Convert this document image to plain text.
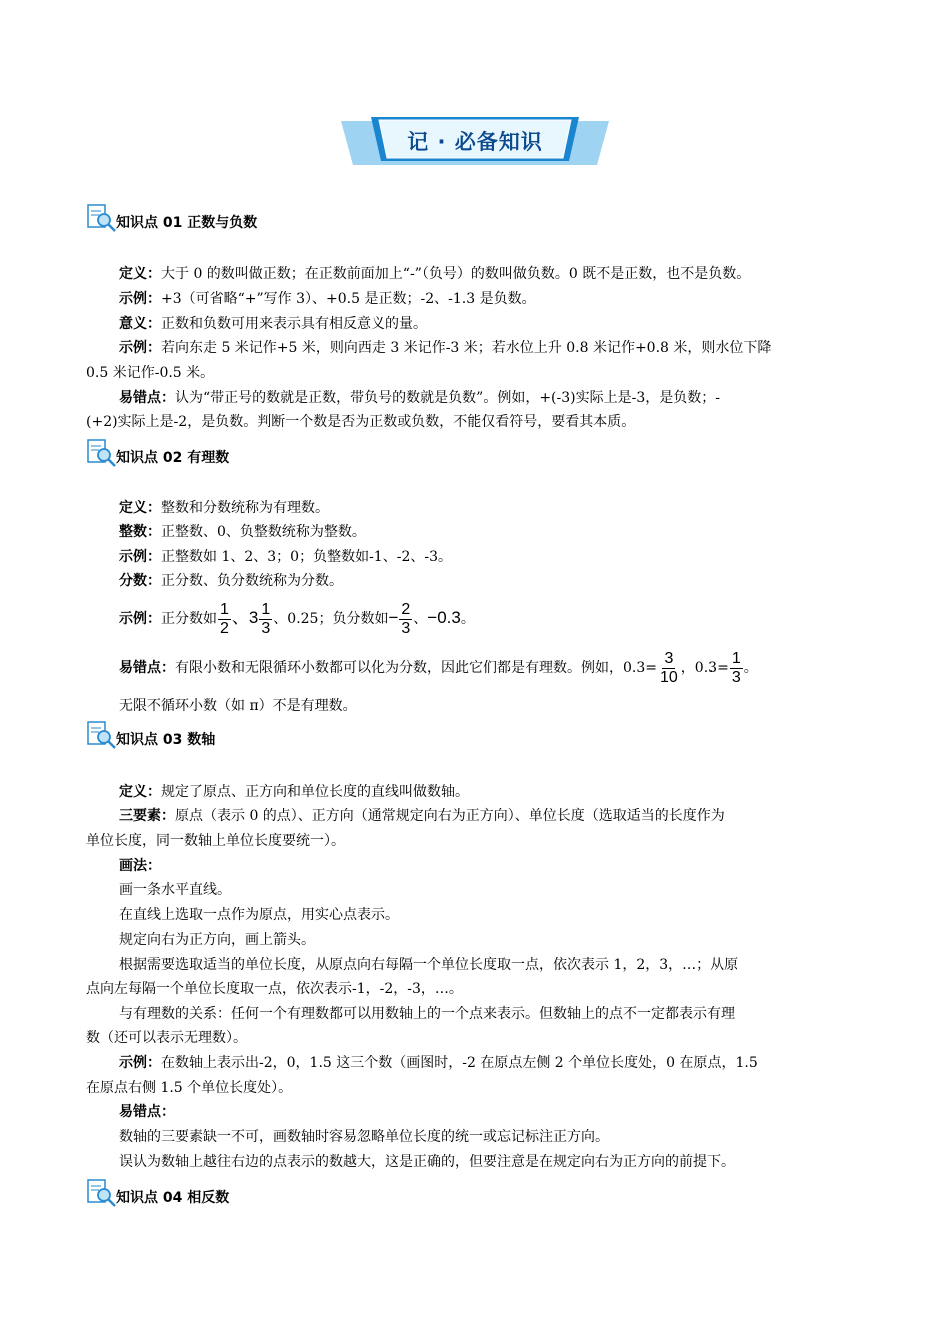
记 · 必备知识
知识点 01 正数与负数
定义：大于 0 的数叫做正数；在正数前面加上“-”（负号）的数叫做负数。0 既不是正数，也不是负数。
示例：+3（可省略“+”写作 3）、+0.5 是正数；-2、-1.3 是负数。
意义：正数和负数可用来表示具有相反意义的量。
示例：若向东走 5 米记作+5 米，则向西走 3 米记作-3 米；若水位上升 0.8 米记作+0.8 米，则水位下降
0.5 米记作-0.5 米。
易错点：认为“带正号的数就是正数，带负号的数就是负数”。例如，+(-3)实际上是-3，是负数；-
(+2)实际上是-2，是负数。判断一个数是否为正数或负数，不能仅看符号，要看其本质。
知识点 02 有理数
定义：整数和分数统称为有理数。
整数：正整数、0、负整数统称为整数。
示例：正整数如 1、2、3；0；负整数如-1、-2、-3。
分数：正分数、负分数统称为分数。
示例：正分数如 $\frac{1}{2}$ 、$3 \frac{1}{3}$ 、0.25；负分数如− $\frac{2}{3}$ 、−0.3。
易错点：有限小数和无限循环小数都可以化为分数，因此它们都是有理数。例如，$0.3= \frac{3}{10}$ ，$0.3 \cdot= \frac{1}{3}$ 。
无限不循环小数（如 π）不是有理数。
知识点 03 数轴
定义：规定了原点、正方向和单位长度的直线叫做数轴。
三要素：原点（表示 0 的点）、正方向（通常规定向右为正方向）、单位长度（选取适当的长度作为
单位长度，同一数轴上单位长度要统一）。
画法：
画一条水平直线。
在直线上选取一点作为原点，用实心点表示。
规定向右为正方向，画上箭头。
根据需要选取适当的单位长度，从原点向右每隔一个单位长度取一点，依次表示 1，2，3，…；从原
点向左每隔一个单位长度取一点，依次表示-1，-2，-3，…。
与有理数的关系：任何一个有理数都可以用数轴上的一个点来表示。但数轴上的点不一定都表示有理
数（还可以表示无理数）。
示例：在数轴上表示出-2，0，1.5 这三个数（画图时，-2 在原点左侧 2 个单位长度处，0 在原点，1.5
在原点右侧 1.5 个单位长度处）。
易错点：
数轴的三要素缺一不可，画数轴时容易忽略单位长度的统一或忘记标注正方向。
误认为数轴上越往右边的点表示的数越大，这是正确的，但要注意是在规定向右为正方向的前提下。
知识点 04 相反数
